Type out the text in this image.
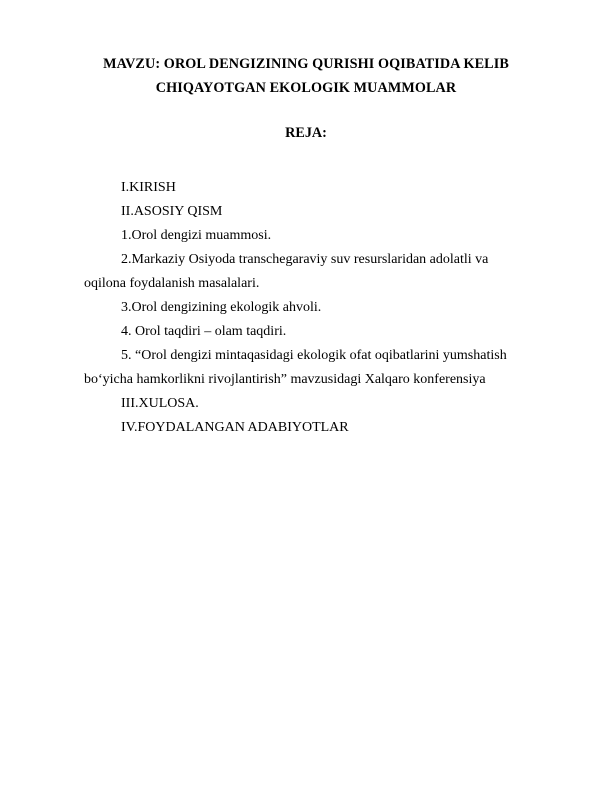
MAVZU: OROL DENGIZINING QURISHI OQIBATIDA KELIB
CHIQAYOTGAN EKOLOGIK MUAMMOLAR
REJA:
I.KIRISH
II.ASOSIY QISM
1.Orol dengizi muammosi.
2.Markaziy Osiyoda transchegaraviy suv resurslaridan adolatli va oqilona foydalanish masalalari.
3.Orol dengizining ekologik ahvoli.
4. Orol taqdiri – olam taqdiri.
5. “Orol dengizi mintaqasidagi ekologik ofat oqibatlarini yumshatish bo‘yicha hamkorlikni rivojlantirish” mavzusidagi Xalqaro konferensiya
III.XULOSA.
IV.FOYDALANGAN ADABIYOTLAR
